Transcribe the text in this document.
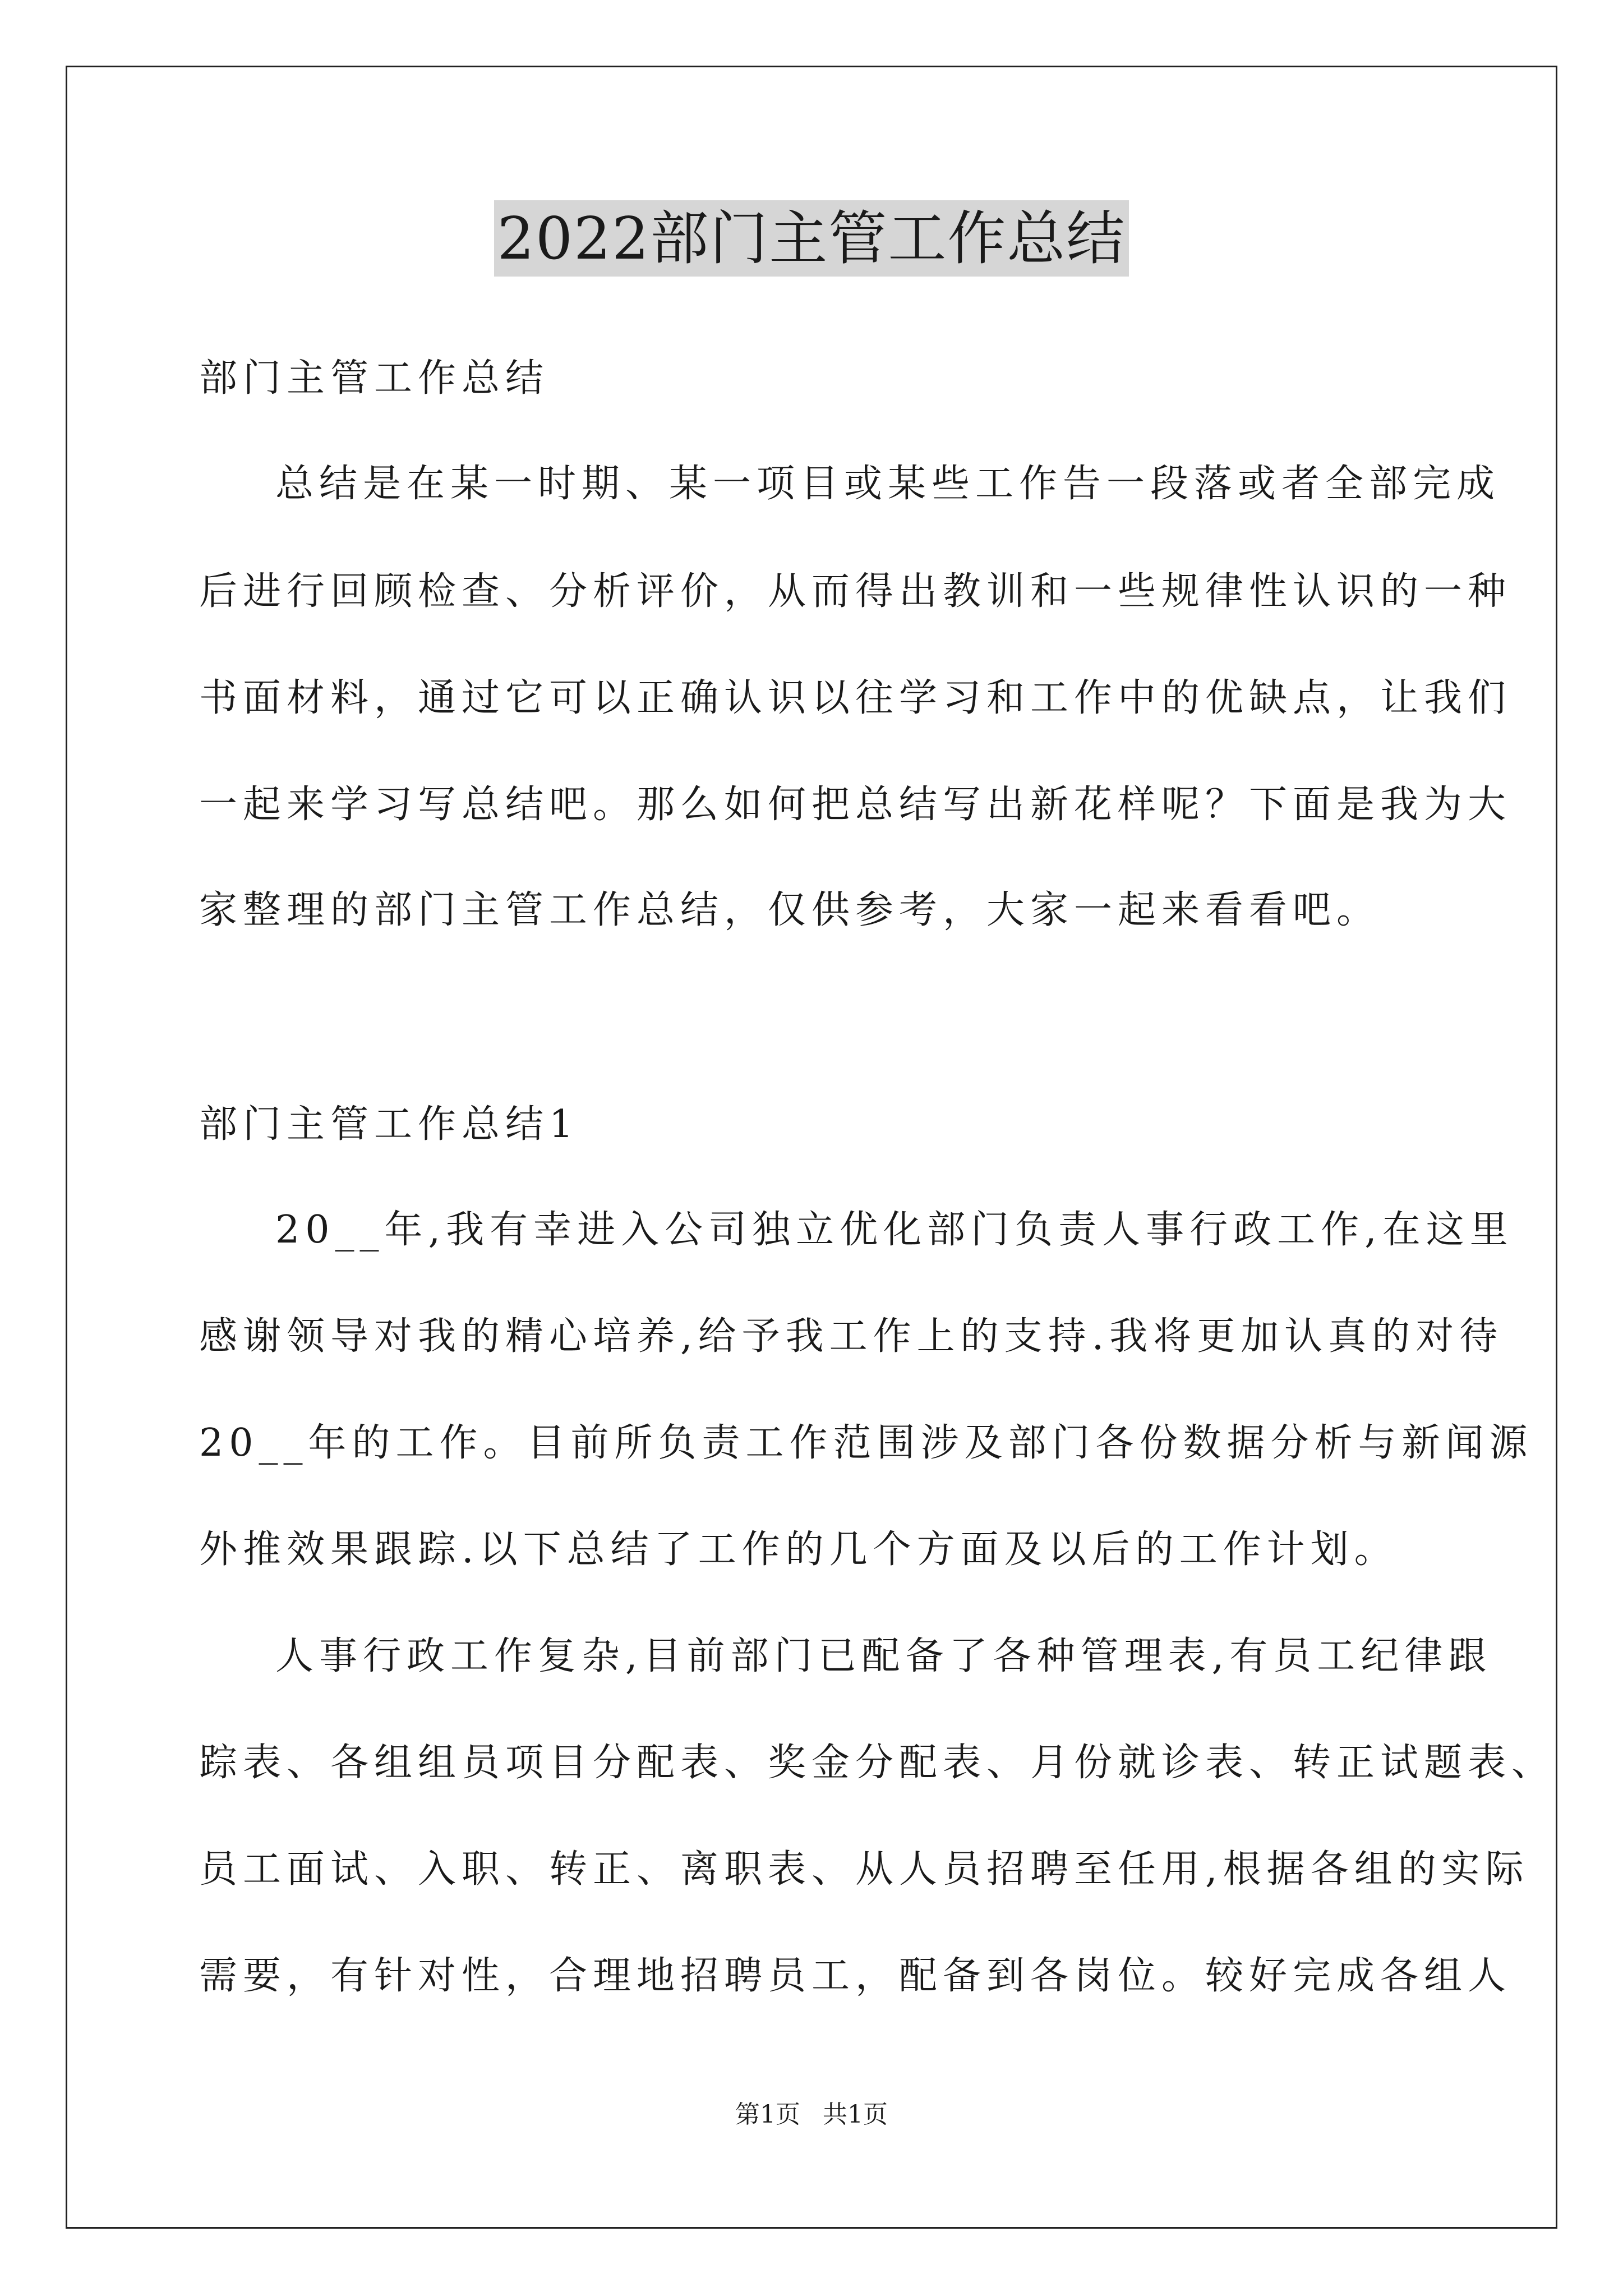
2022部门主管工作总结
部门主管工作总结
总结是在某一时期、某一项目或某些工作告一段落或者全部完成
后进行回顾检查、分析评价，从而得出教训和一些规律性认识的一种
书面材料，通过它可以正确认识以往学习和工作中的优缺点，让我们
一起来学习写总结吧。那么如何把总结写出新花样呢？下面是我为大
家整理的部门主管工作总结，仅供参考，大家一起来看看吧。
部门主管工作总结1
20__年,我有幸进入公司独立优化部门负责人事行政工作,在这里
感谢领导对我的精心培养,给予我工作上的支持.我将更加认真的对待
20__年的工作。目前所负责工作范围涉及部门各份数据分析与新闻源
外推效果跟踪.以下总结了工作的几个方面及以后的工作计划。
人事行政工作复杂,目前部门已配备了各种管理表,有员工纪律跟
踪表、各组组员项目分配表、奖金分配表、月份就诊表、转正试题表、
员工面试、入职、转正、离职表、从人员招聘至任用,根据各组的实际
需要，有针对性，合理地招聘员工，配备到各岗位。较好完成各组人
第1页 共1页
